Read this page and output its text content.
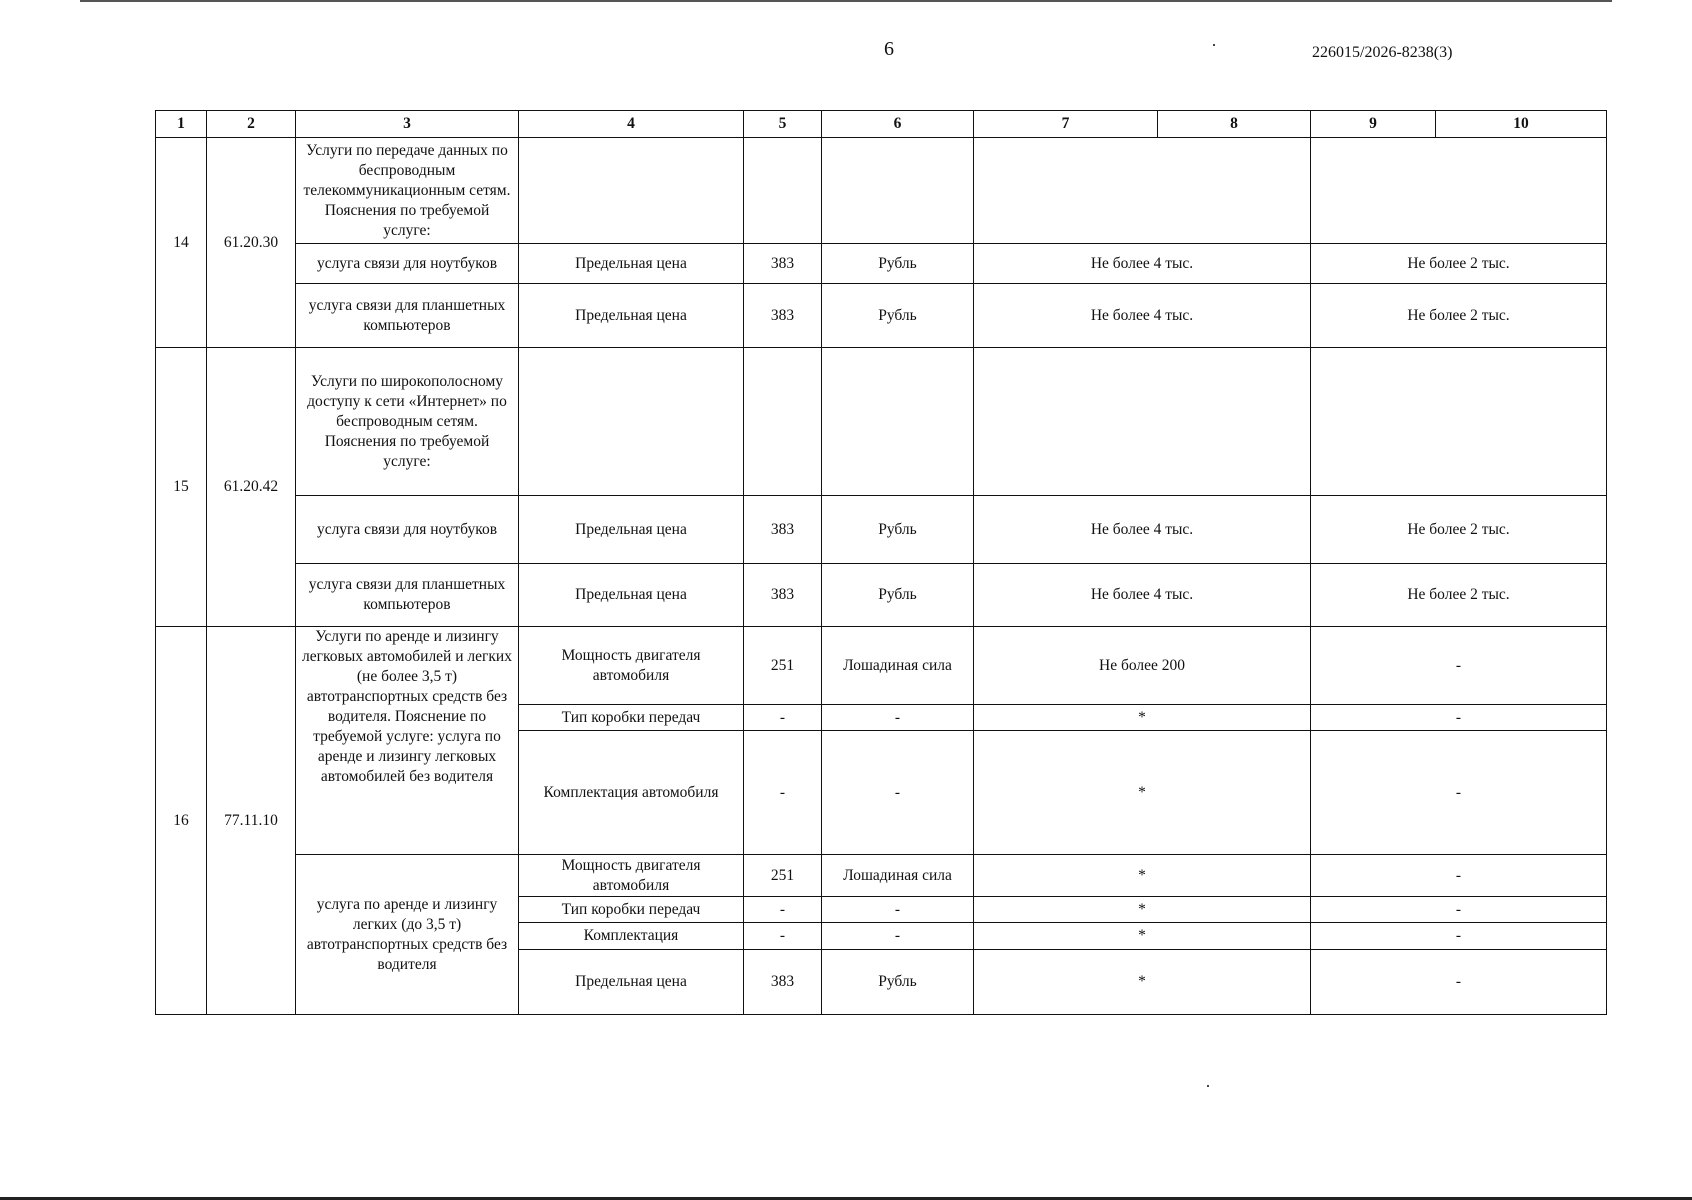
6	226015/2026-8238(3)
1	2	3	4	5	6	7	8	9	10
14	61.20.30	Услуги по передаче данных по беспроводным телекоммуникационным сетям. Пояснения по требуемой услуге:							
		услуга связи для ноутбуков	Предельная цена	383	Рубль	Не более 4 тыс.		Не более 2 тыс.	
		услуга связи для планшетных компьютеров	Предельная цена	383	Рубль	Не более 4 тыс.		Не более 2 тыс.	
15	61.20.42	Услуги по широкополосному доступу к сети «Интернет» по беспроводным сетям. Пояснения по требуемой услуге:							
		услуга связи для ноутбуков	Предельная цена	383	Рубль	Не более 4 тыс.		Не более 2 тыс.	
		услуга связи для планшетных компьютеров	Предельная цена	383	Рубль	Не более 4 тыс.		Не более 2 тыс.	
16	77.11.10	Услуги по аренде и лизингу легковых автомобилей и легких (не более 3,5 т) автотранспортных средств без водителя. Пояснение по требуемой услуге: услуга по аренде и лизингу легковых автомобилей без водителя	Мощность двигателя автомобиля	251	Лошадиная сила	Не более 200		-	
			Тип коробки передач	-	-	*		-	
			Комплектация автомобиля	-	-	*		-	
		услуга по аренде и лизингу легких (до 3,5 т) автотранспортных средств без водителя	Мощность двигателя автомобиля	251	Лошадиная сила	*		-	
			Тип коробки передач	-	-	*		-	
			Комплектация	-	-	*		-	
			Предельная цена	383	Рубль	*		-	
